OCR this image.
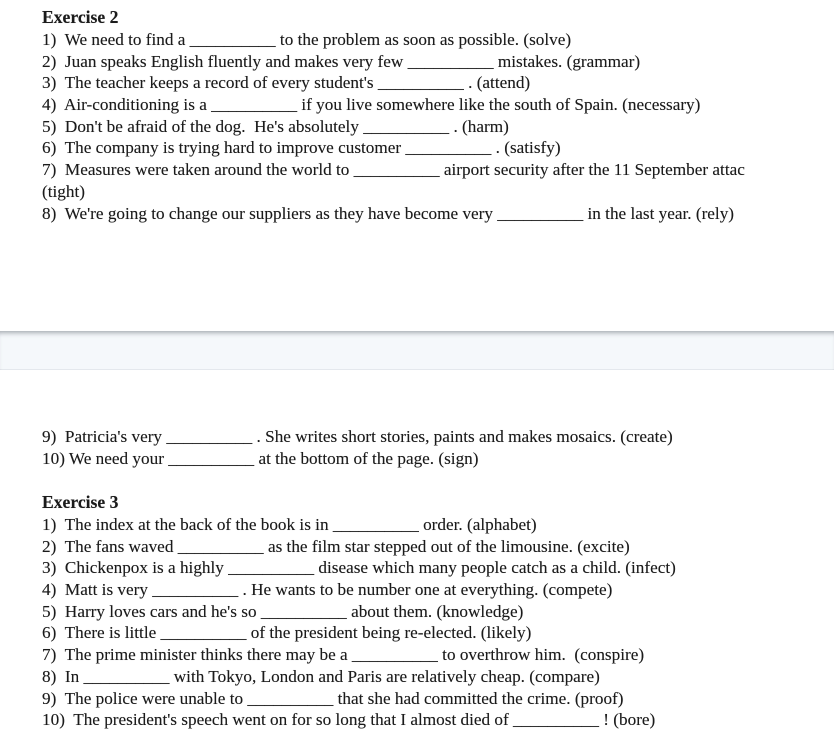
Exercise 2
1)  We need to find a __________ to the problem as soon as possible. (solve)
2)  Juan speaks English fluently and makes very few __________ mistakes. (grammar)
3)  The teacher keeps a record of every student's __________ . (attend)
4)  Air-conditioning is a __________ if you live somewhere like the south of Spain. (necessary)
5)  Don't be afraid of the dog.  He's absolutely __________ . (harm)
6)  The company is trying hard to improve customer __________ . (satisfy)
7)  Measures were taken around the world to __________ airport security after the 11 September attac
(tight)
8)  We're going to change our suppliers as they have become very __________ in the last year. (rely)
9)  Patricia's very __________ . She writes short stories, paints and makes mosaics. (create)
10) We need your __________ at the bottom of the page. (sign)
Exercise 3
1)  The index at the back of the book is in __________ order. (alphabet)
2)  The fans waved __________ as the film star stepped out of the limousine. (excite)
3)  Chickenpox is a highly __________ disease which many people catch as a child. (infect)
4)  Matt is very __________ . He wants to be number one at everything. (compete)
5)  Harry loves cars and he's so __________ about them. (knowledge)
6)  There is little __________ of the president being re-elected. (likely)
7)  The prime minister thinks there may be a __________ to overthrow him.  (conspire)
8)  In __________ with Tokyo, London and Paris are relatively cheap. (compare)
9)  The police were unable to __________ that she had committed the crime. (proof)
10)  The president's speech went on for so long that I almost died of __________ ! (bore)
